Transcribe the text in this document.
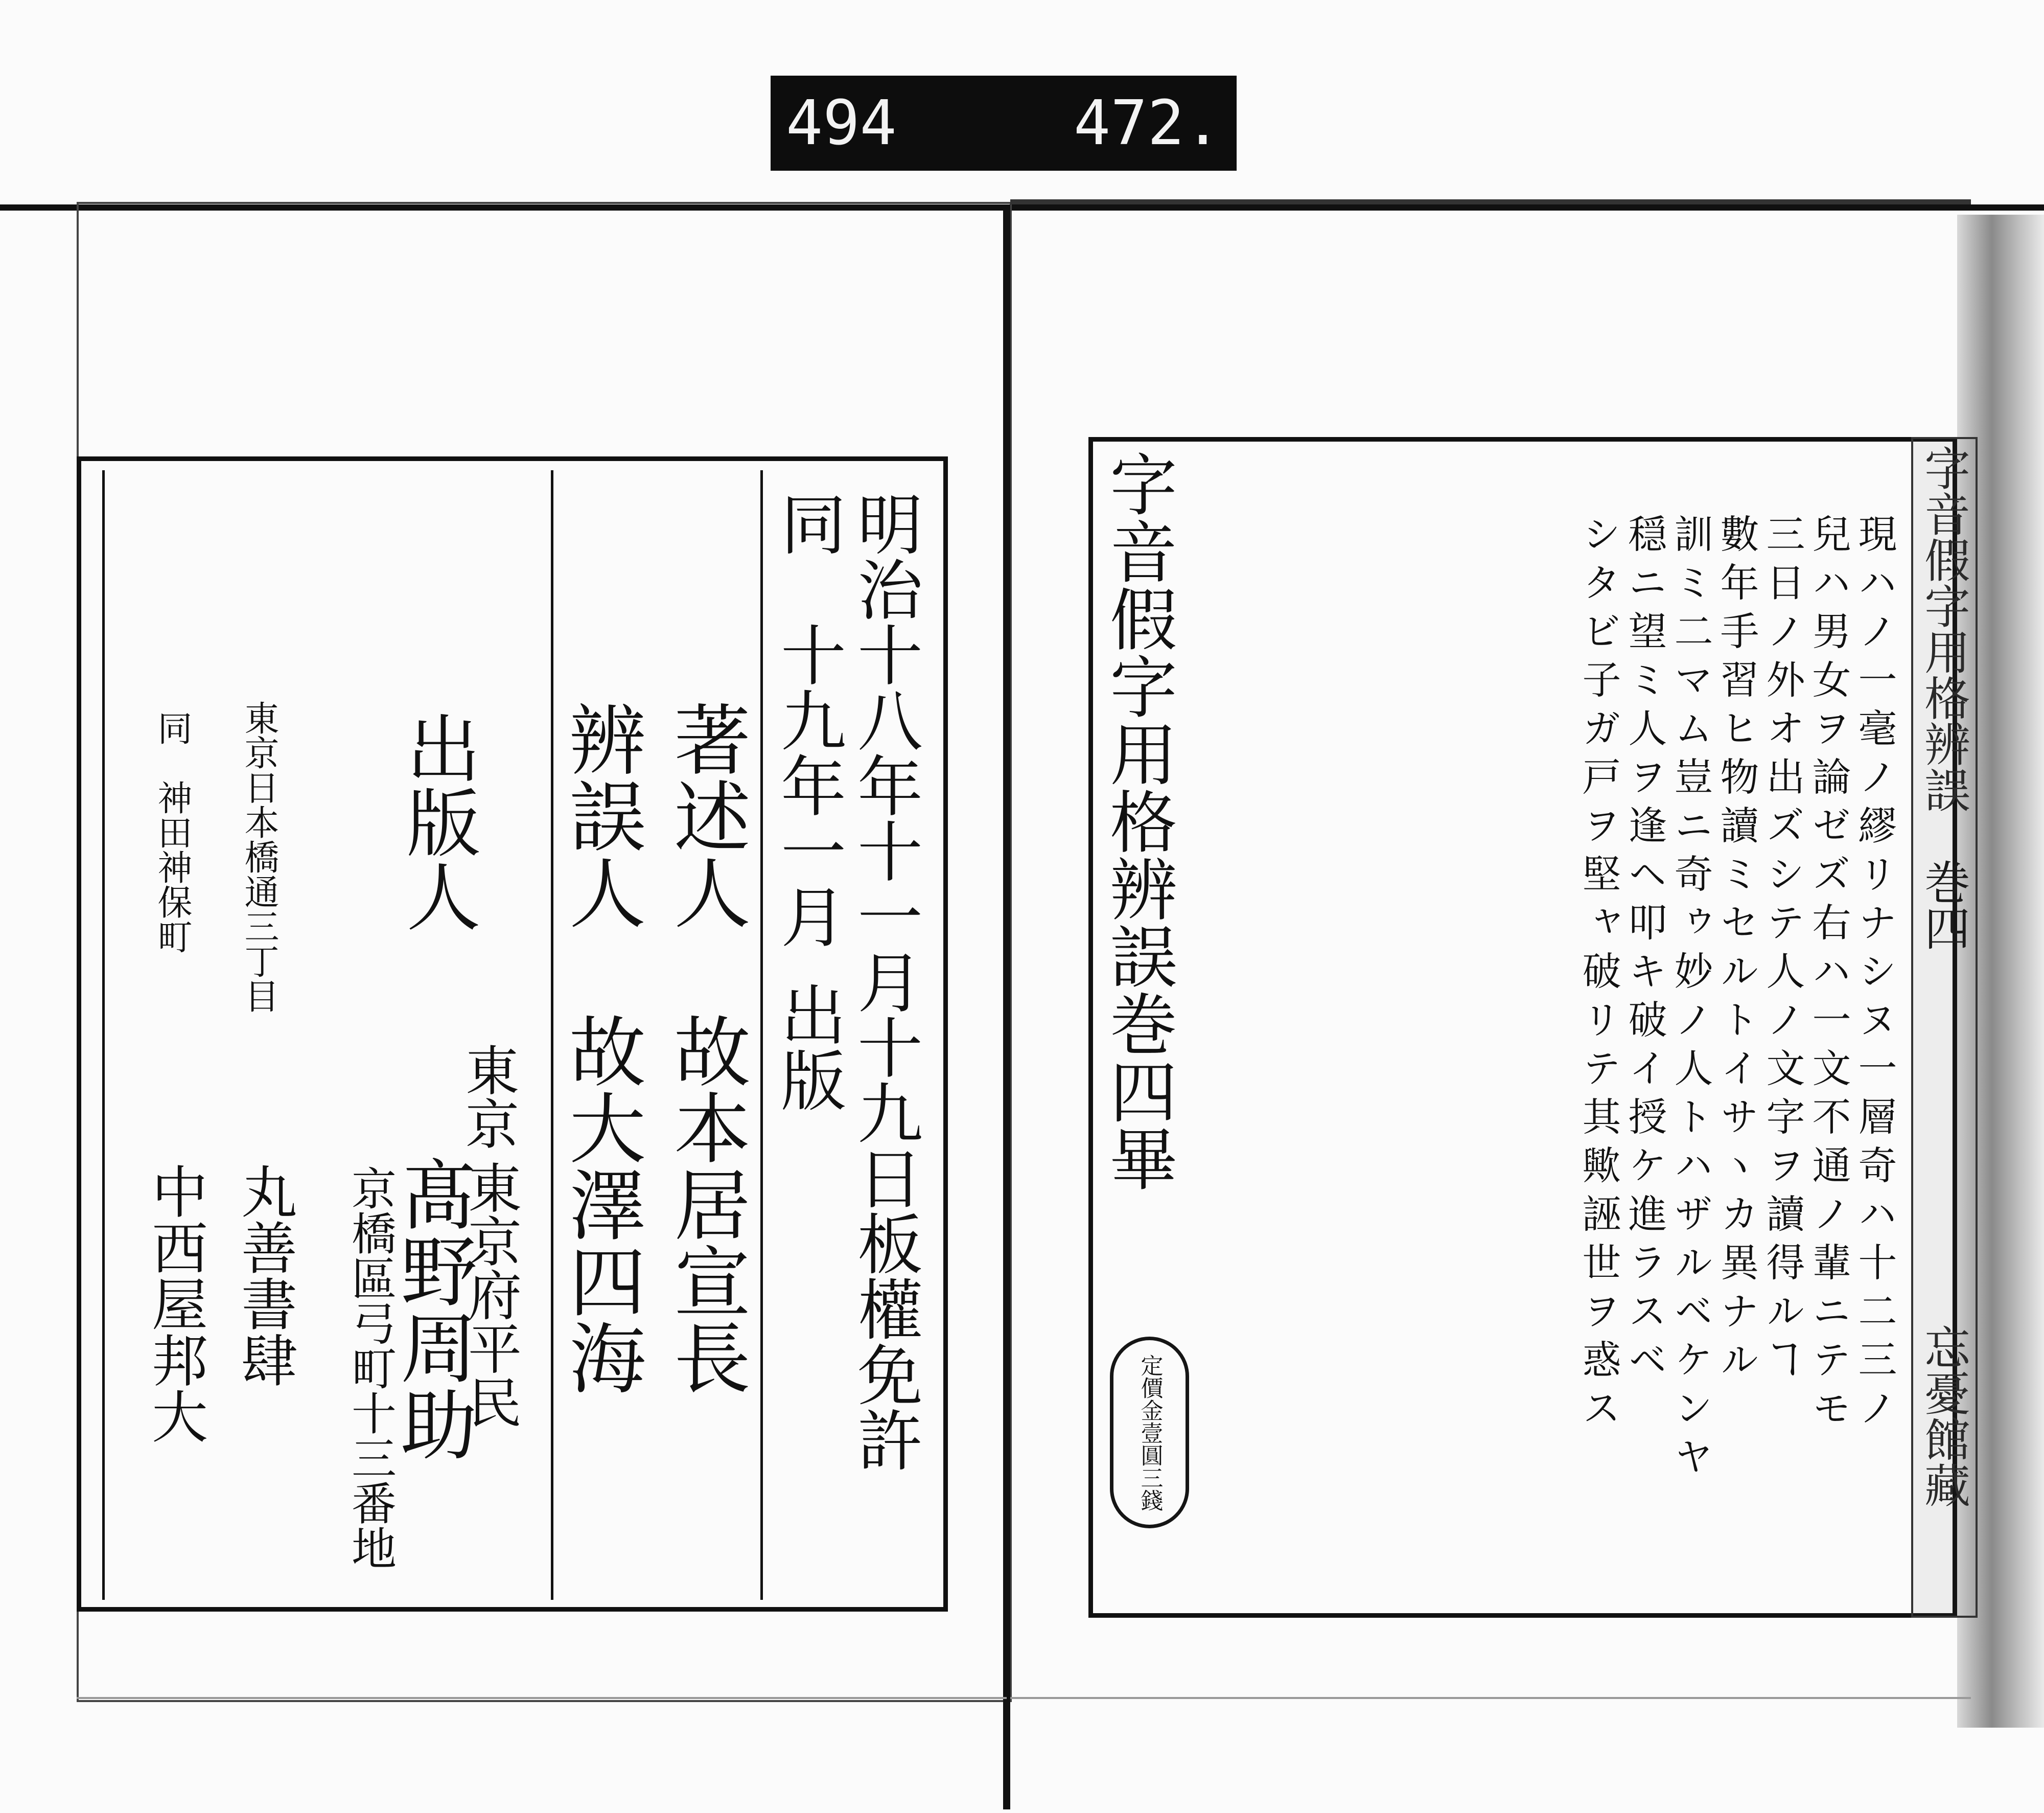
494	472.
明治十八年十一月十九日板權免許
同　十九年一月
出版
著述人
故本居宣長
辨誤人
故大澤四海
出版人
東京
東京府平民
髙野周助
京橋區弓町十三番地
東京日本橋通三丁目
丸善書肆
同　神田神保町
中西屋邦大
字音假字用格辨誤巻四畢
定價金壹圓三錢	現ハノ一毫ノ繆リナシヌ一層奇ハ十二三ノ
兒ハ男女ヲ論ゼズ右ハ一文不通ノ輩ニテモ
三日ノ外オ出ズシテ人ノ文字ヲ讀得ルヿ
數年手習ヒ物讀ミセルトイサヽカ異ナル
訓ミ二マム豈ニ奇ゥ妙ノ人トハザルベケンヤ
穏ニ望ミ人ヲ逢ヘ叩キ破イ授ケ進ラスベ
シタビ子ガ戸ヲ堅ャ破リテ其歟誣世ヲ惑ス	字音假字用格辨誤
巻四
忘憂館藏
